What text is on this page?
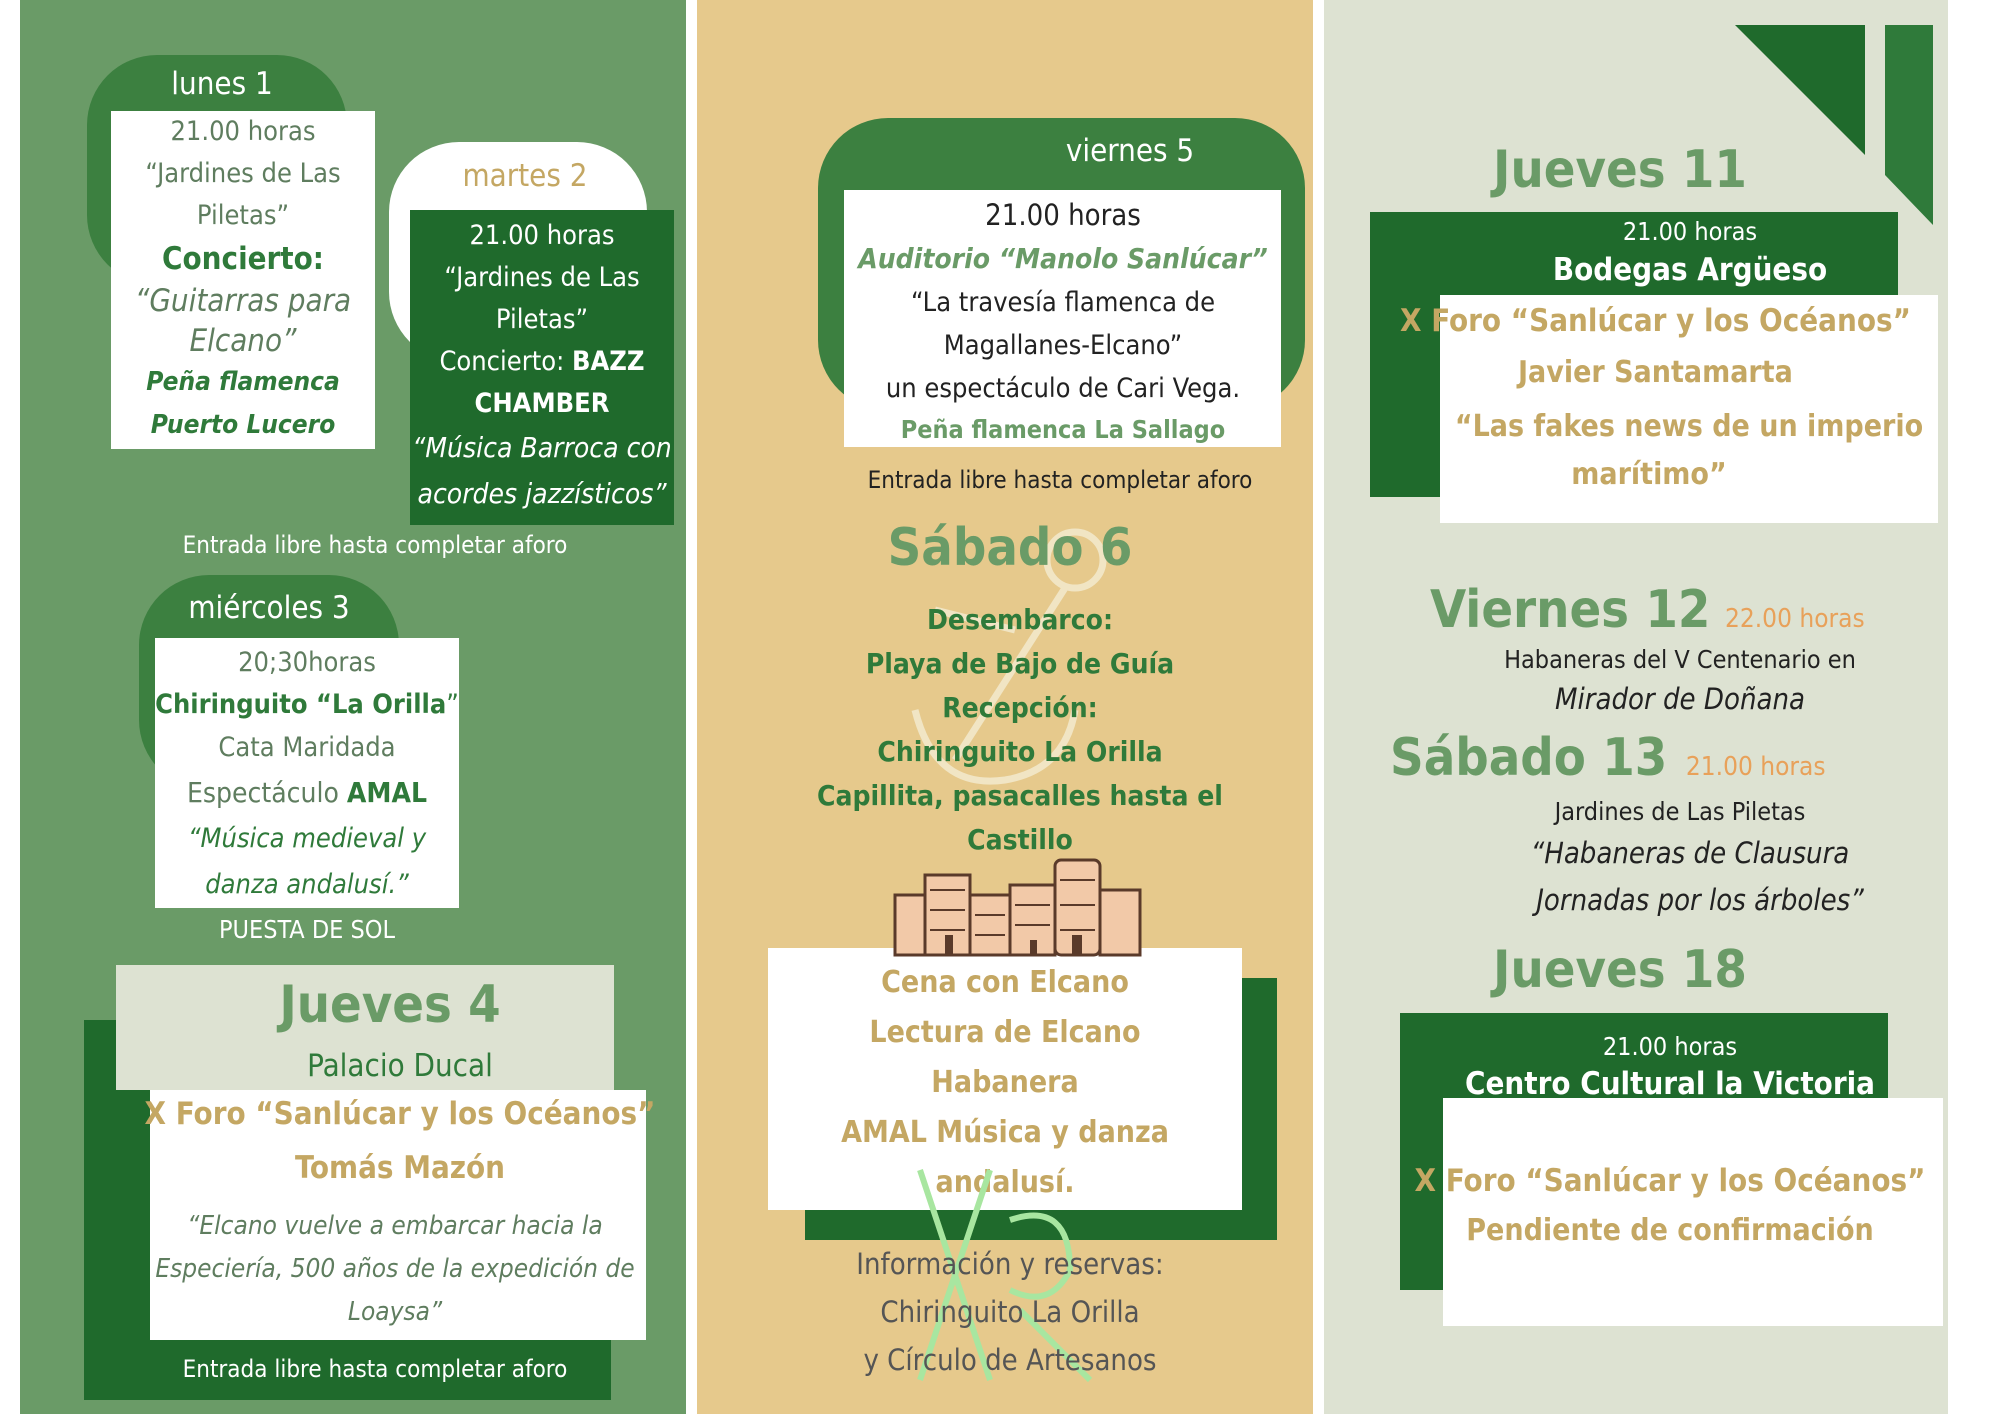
lunes 1
21.00 horas
“Jardines de Las
Piletas”
Concierto:
“Guitarras para
Elcano”
Peña flamenca
Puerto Lucero
martes 2
21.00 horas
“Jardines de Las
Piletas”
Concierto: BAZZ
CHAMBER
“Música Barroca con
acordes jazzísticos”
Entrada libre hasta completar aforo
miércoles 3
20;30horas
Chiringuito “La Orilla”
Cata Maridada
Espectáculo AMAL
“Música medieval y
danza andalusí.”
PUESTA DE SOL
Jueves 4
Palacio Ducal
X Foro “Sanlúcar y los Océanos”
Tomás Mazón
“Elcano vuelve a embarcar hacia la
Especiería, 500 años de la expedición de
Loaysa”
Entrada libre hasta completar aforo
viernes 5
21.00 horas
Auditorio “Manolo Sanlúcar”
“La travesía flamenca de
Magallanes-Elcano”
un espectáculo de Cari Vega.
Peña flamenca La Sallago
Entrada libre hasta completar aforo
Sábado 6
Desembarco:
Playa de Bajo de Guía
Recepción:
Chiringuito La Orilla
Capillita, pasacalles hasta el
Castillo
Cena con Elcano
Lectura de Elcano
Habanera
AMAL Música y danza
andalusí.
Información y reservas:
Chiringuito La Orilla
y Círculo de Artesanos
Jueves 11
21.00 horas
Bodegas Argüeso
X Foro “Sanlúcar y los Océanos”
Javier Santamarta
“Las fakes news de un imperio
marítimo”
Viernes 12 22.00 horas
Habaneras del V Centenario en
Mirador de Doñana
Sábado 13 21.00 horas
Jardines de Las Piletas
“Habaneras de Clausura
Jornadas por los árboles”
Jueves 18
21.00 horas
Centro Cultural la Victoria
X Foro “Sanlúcar y los Océanos”
Pendiente de confirmación
